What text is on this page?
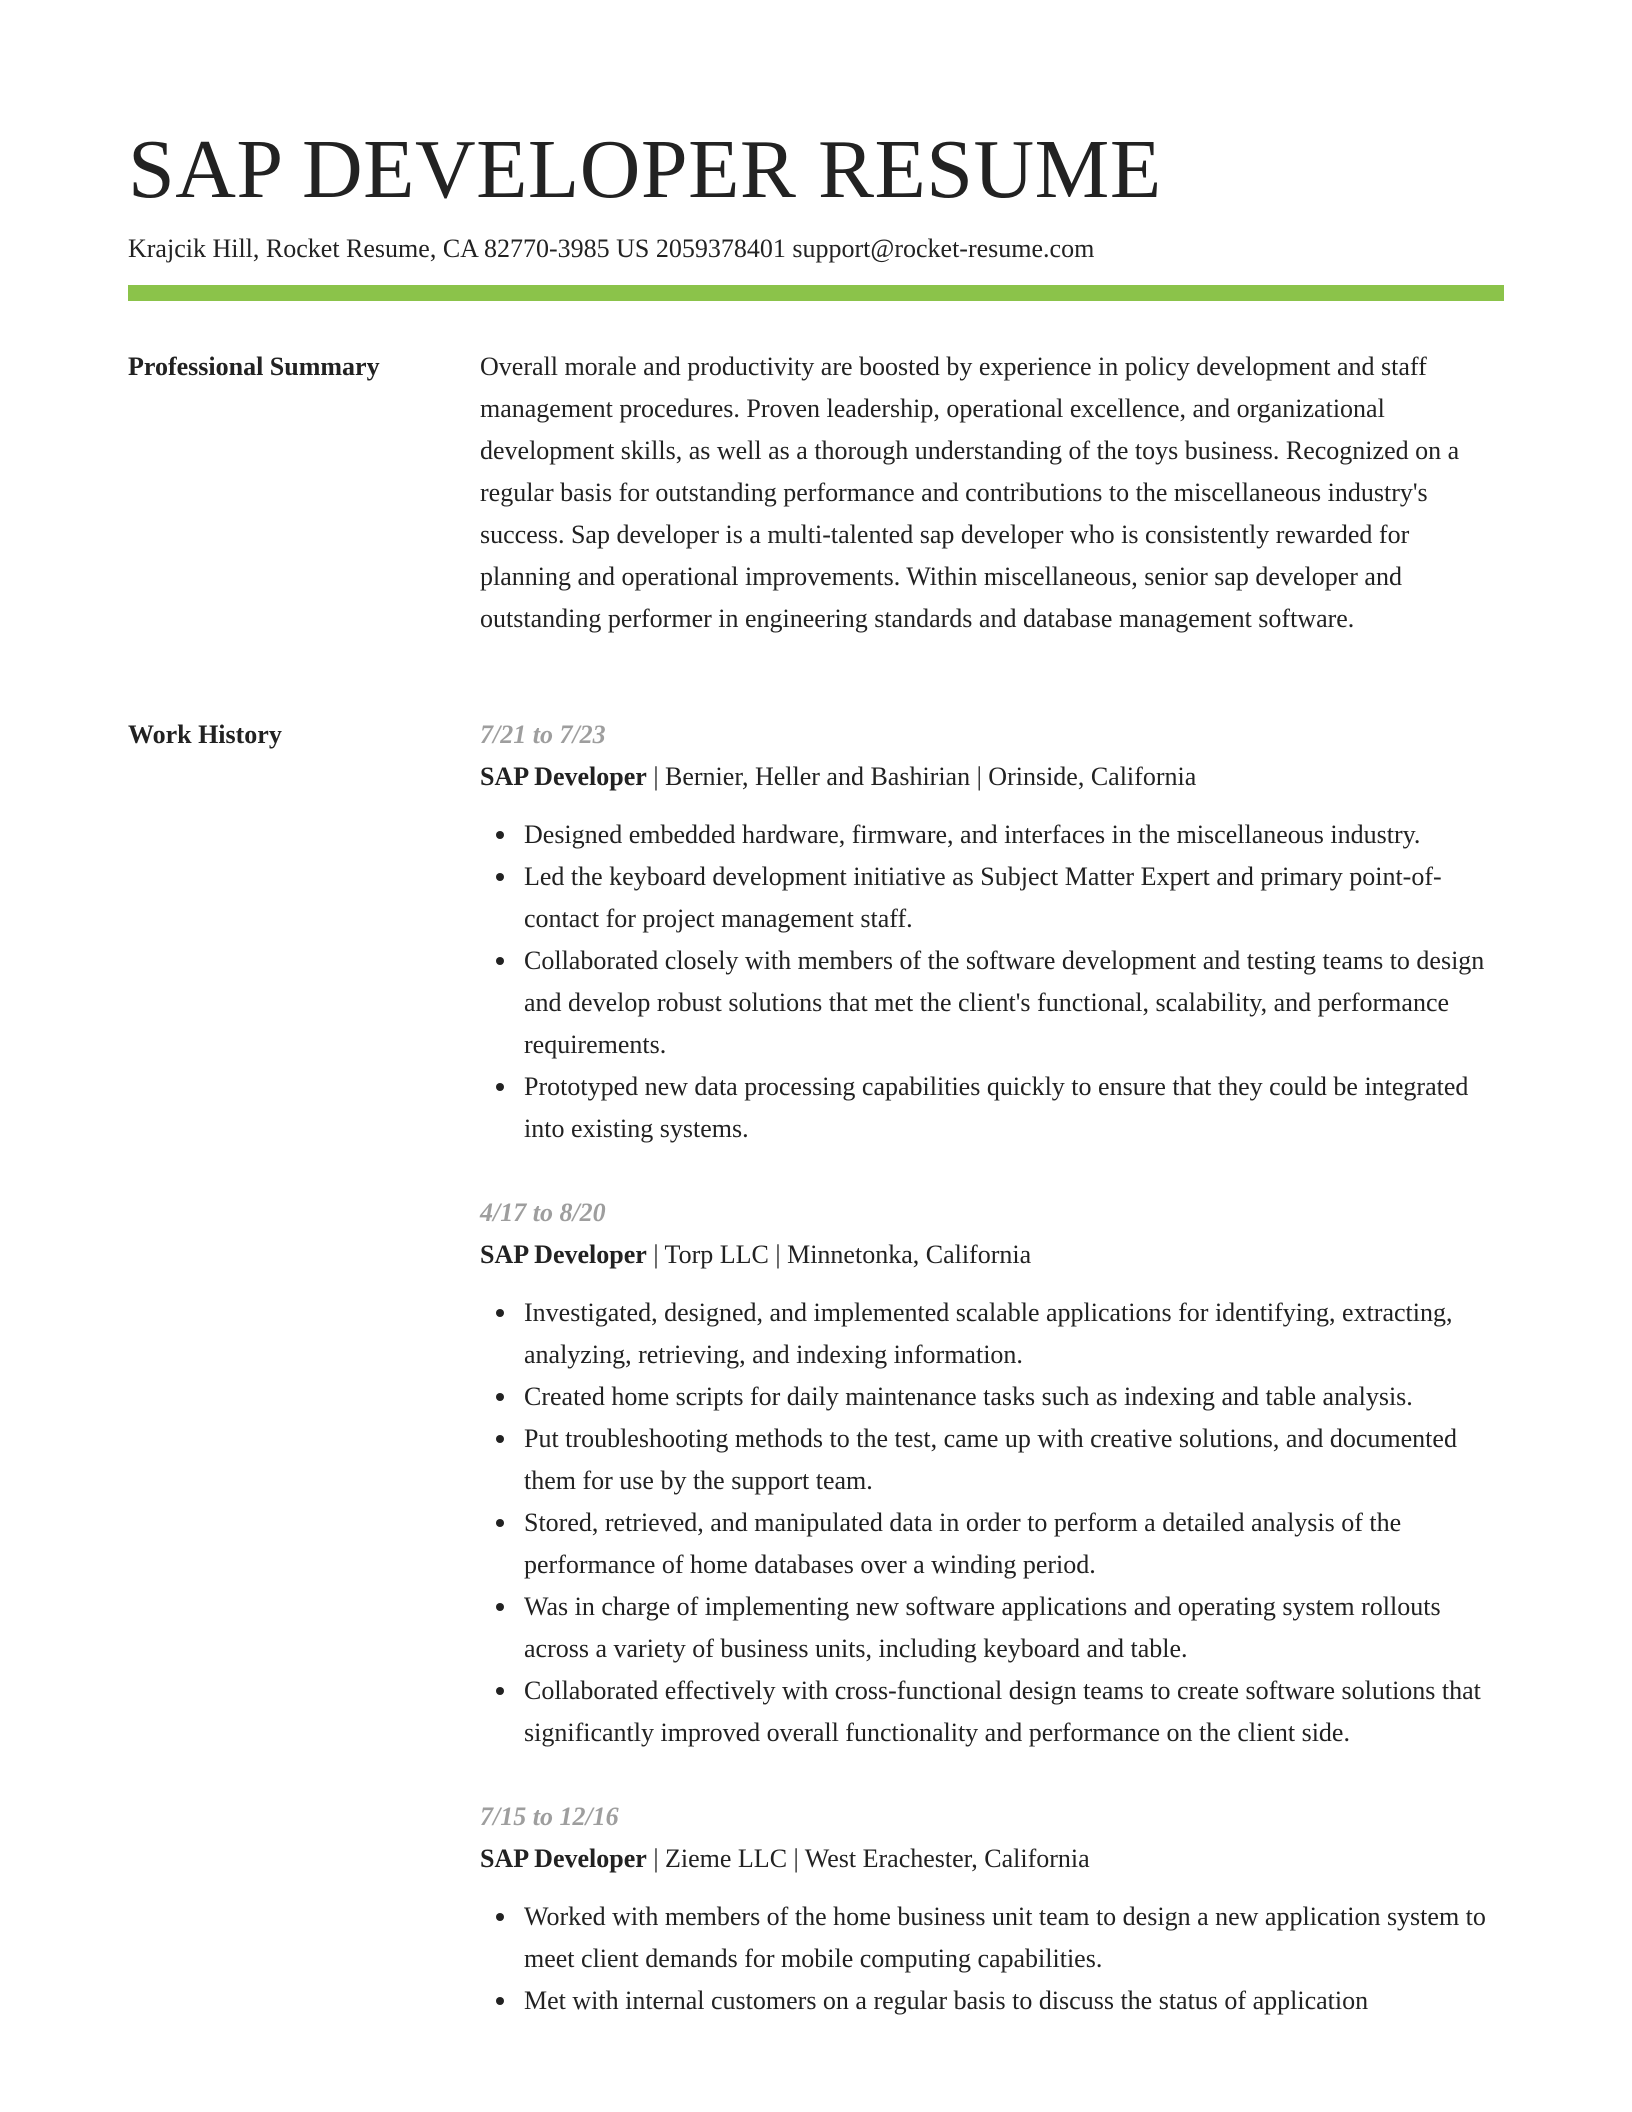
SAP DEVELOPER RESUME
Krajcik Hill, Rocket Resume, CA 82770-3985 US 2059378401 support@rocket-resume.com
Professional Summary	Overall morale and productivity are boosted by experience in policy development and staff management procedures. Proven leadership, operational excellence, and organizational development skills, as well as a thorough understanding of the toys business. Recognized on a regular basis for outstanding performance and contributions to the miscellaneous industry's success. Sap developer is a multi-talented sap developer who is consistently rewarded for planning and operational improvements. Within miscellaneous, senior sap developer and outstanding performer in engineering standards and database management software.

Work History	7/21 to 7/23
SAP Developer | Bernier, Heller and Bashirian | Orinside, California
Designed embedded hardware, firmware, and interfaces in the miscellaneous industry.
Led the keyboard development initiative as Subject Matter Expert and primary point-of-contact for project management staff.
Collaborated closely with members of the software development and testing teams to design and develop robust solutions that met the client's functional, scalability, and performance requirements.
Prototyped new data processing capabilities quickly to ensure that they could be integrated into existing systems.
4/17 to 8/20
SAP Developer | Torp LLC | Minnetonka, California
Investigated, designed, and implemented scalable applications for identifying, extracting, analyzing, retrieving, and indexing information.
Created home scripts for daily maintenance tasks such as indexing and table analysis.
Put troubleshooting methods to the test, came up with creative solutions, and documented them for use by the support team.
Stored, retrieved, and manipulated data in order to perform a detailed analysis of the performance of home databases over a winding period.
Was in charge of implementing new software applications and operating system rollouts across a variety of business units, including keyboard and table.
Collaborated effectively with cross-functional design teams to create software solutions that significantly improved overall functionality and performance on the client side.
7/15 to 12/16
SAP Developer | Zieme LLC | West Erachester, California
Worked with members of the home business unit team to design a new application system to meet client demands for mobile computing capabilities.
Met with internal customers on a regular basis to discuss the status of application
